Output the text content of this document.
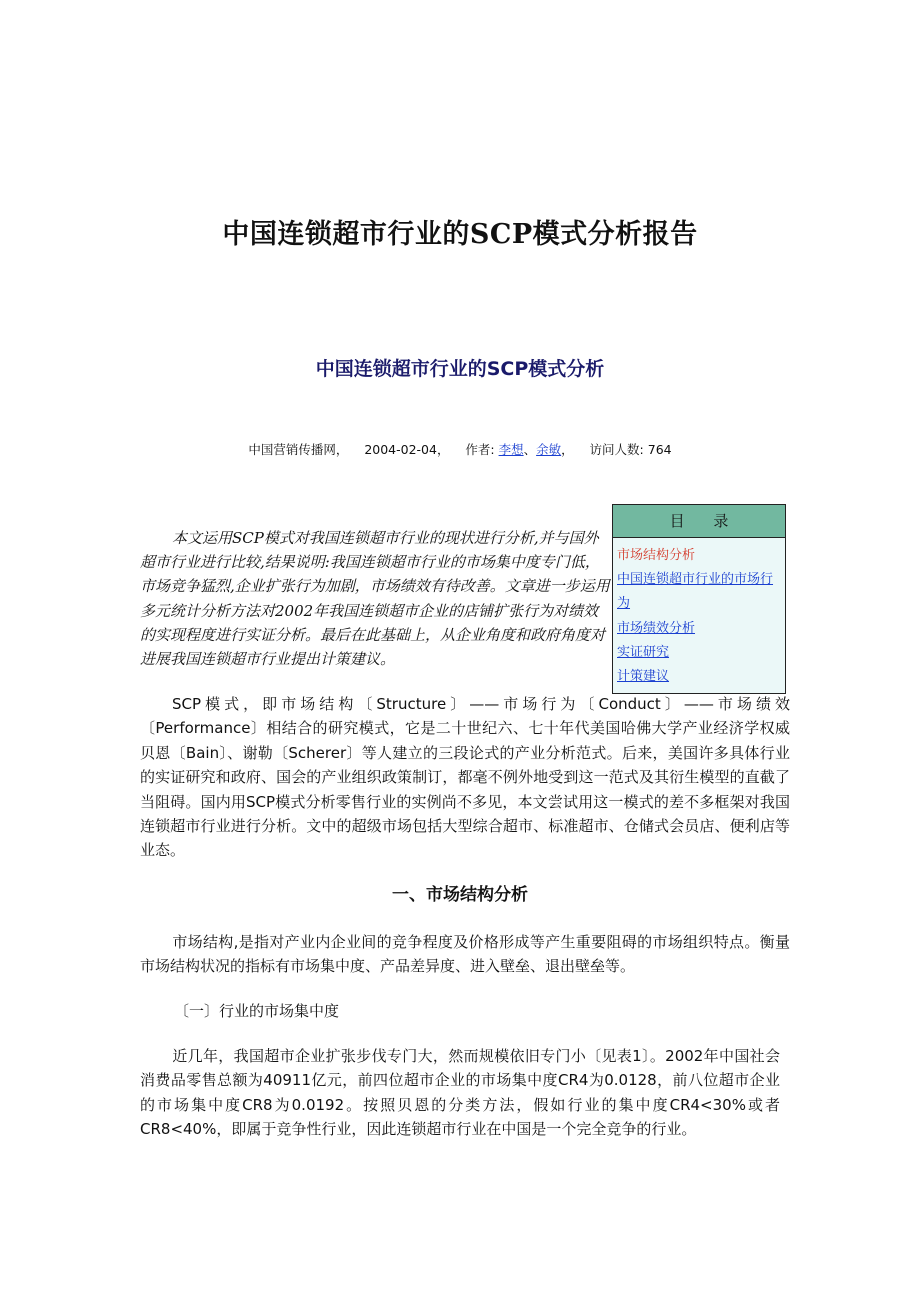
中国连锁超市行业的SCP模式分析报告
中国连锁超市行业的SCP模式分析
中国营销传播网， 2004-02-04， 作者: 李想、余敏， 访问人数: 764
本文运用SCP模式对我国连锁超市行业的现状进行分析,并与国外超市行业进行比较,结果说明:我国连锁超市行业的市场集中度专门低，市场竞争猛烈,企业扩张行为加剧，市场绩效有待改善。文章进一步运用多元统计分析方法对2002年我国连锁超市企业的店铺扩张行为对绩效的实现程度进行实证分析。最后在此基础上，从企业角度和政府角度对进展我国连锁超市行业提出计策建议。
目 录
市场结构分析
中国连锁超市行业的市场行为
市场绩效分析
实证研究
计策建议
SCP模式，即市场结构〔Structure〕——市场行为〔Conduct〕——市场绩效〔Performance〕相结合的研究模式，它是二十世纪六、七十年代美国哈佛大学产业经济学权威贝恩〔Bain〕、谢勒〔Scherer〕等人建立的三段论式的产业分析范式。后来，美国许多具体行业的实证研究和政府、国会的产业组织政策制订，都毫不例外地受到这一范式及其衍生模型的直截了当阻碍。国内用SCP模式分析零售行业的实例尚不多见，本文尝试用这一模式的差不多框架对我国连锁超市行业进行分析。文中的超级市场包括大型综合超市、标准超市、仓储式会员店、便利店等业态。
一、市场结构分析
市场结构,是指对产业内企业间的竞争程度及价格形成等产生重要阻碍的市场组织特点。衡量市场结构状况的指标有市场集中度、产品差异度、进入壁垒、退出壁垒等。
〔一〕行业的市场集中度
近几年，我国超市企业扩张步伐专门大，然而规模依旧专门小〔见表1〕。2002年中国社会消费品零售总额为40911亿元，前四位超市企业的市场集中度CR4为0.0128，前八位超市企业的市场集中度CR8为0.0192。按照贝恩的分类方法，假如行业的集中度CR4<30%或者CR8<40%，即属于竞争性行业，因此连锁超市行业在中国是一个完全竞争的行业。
